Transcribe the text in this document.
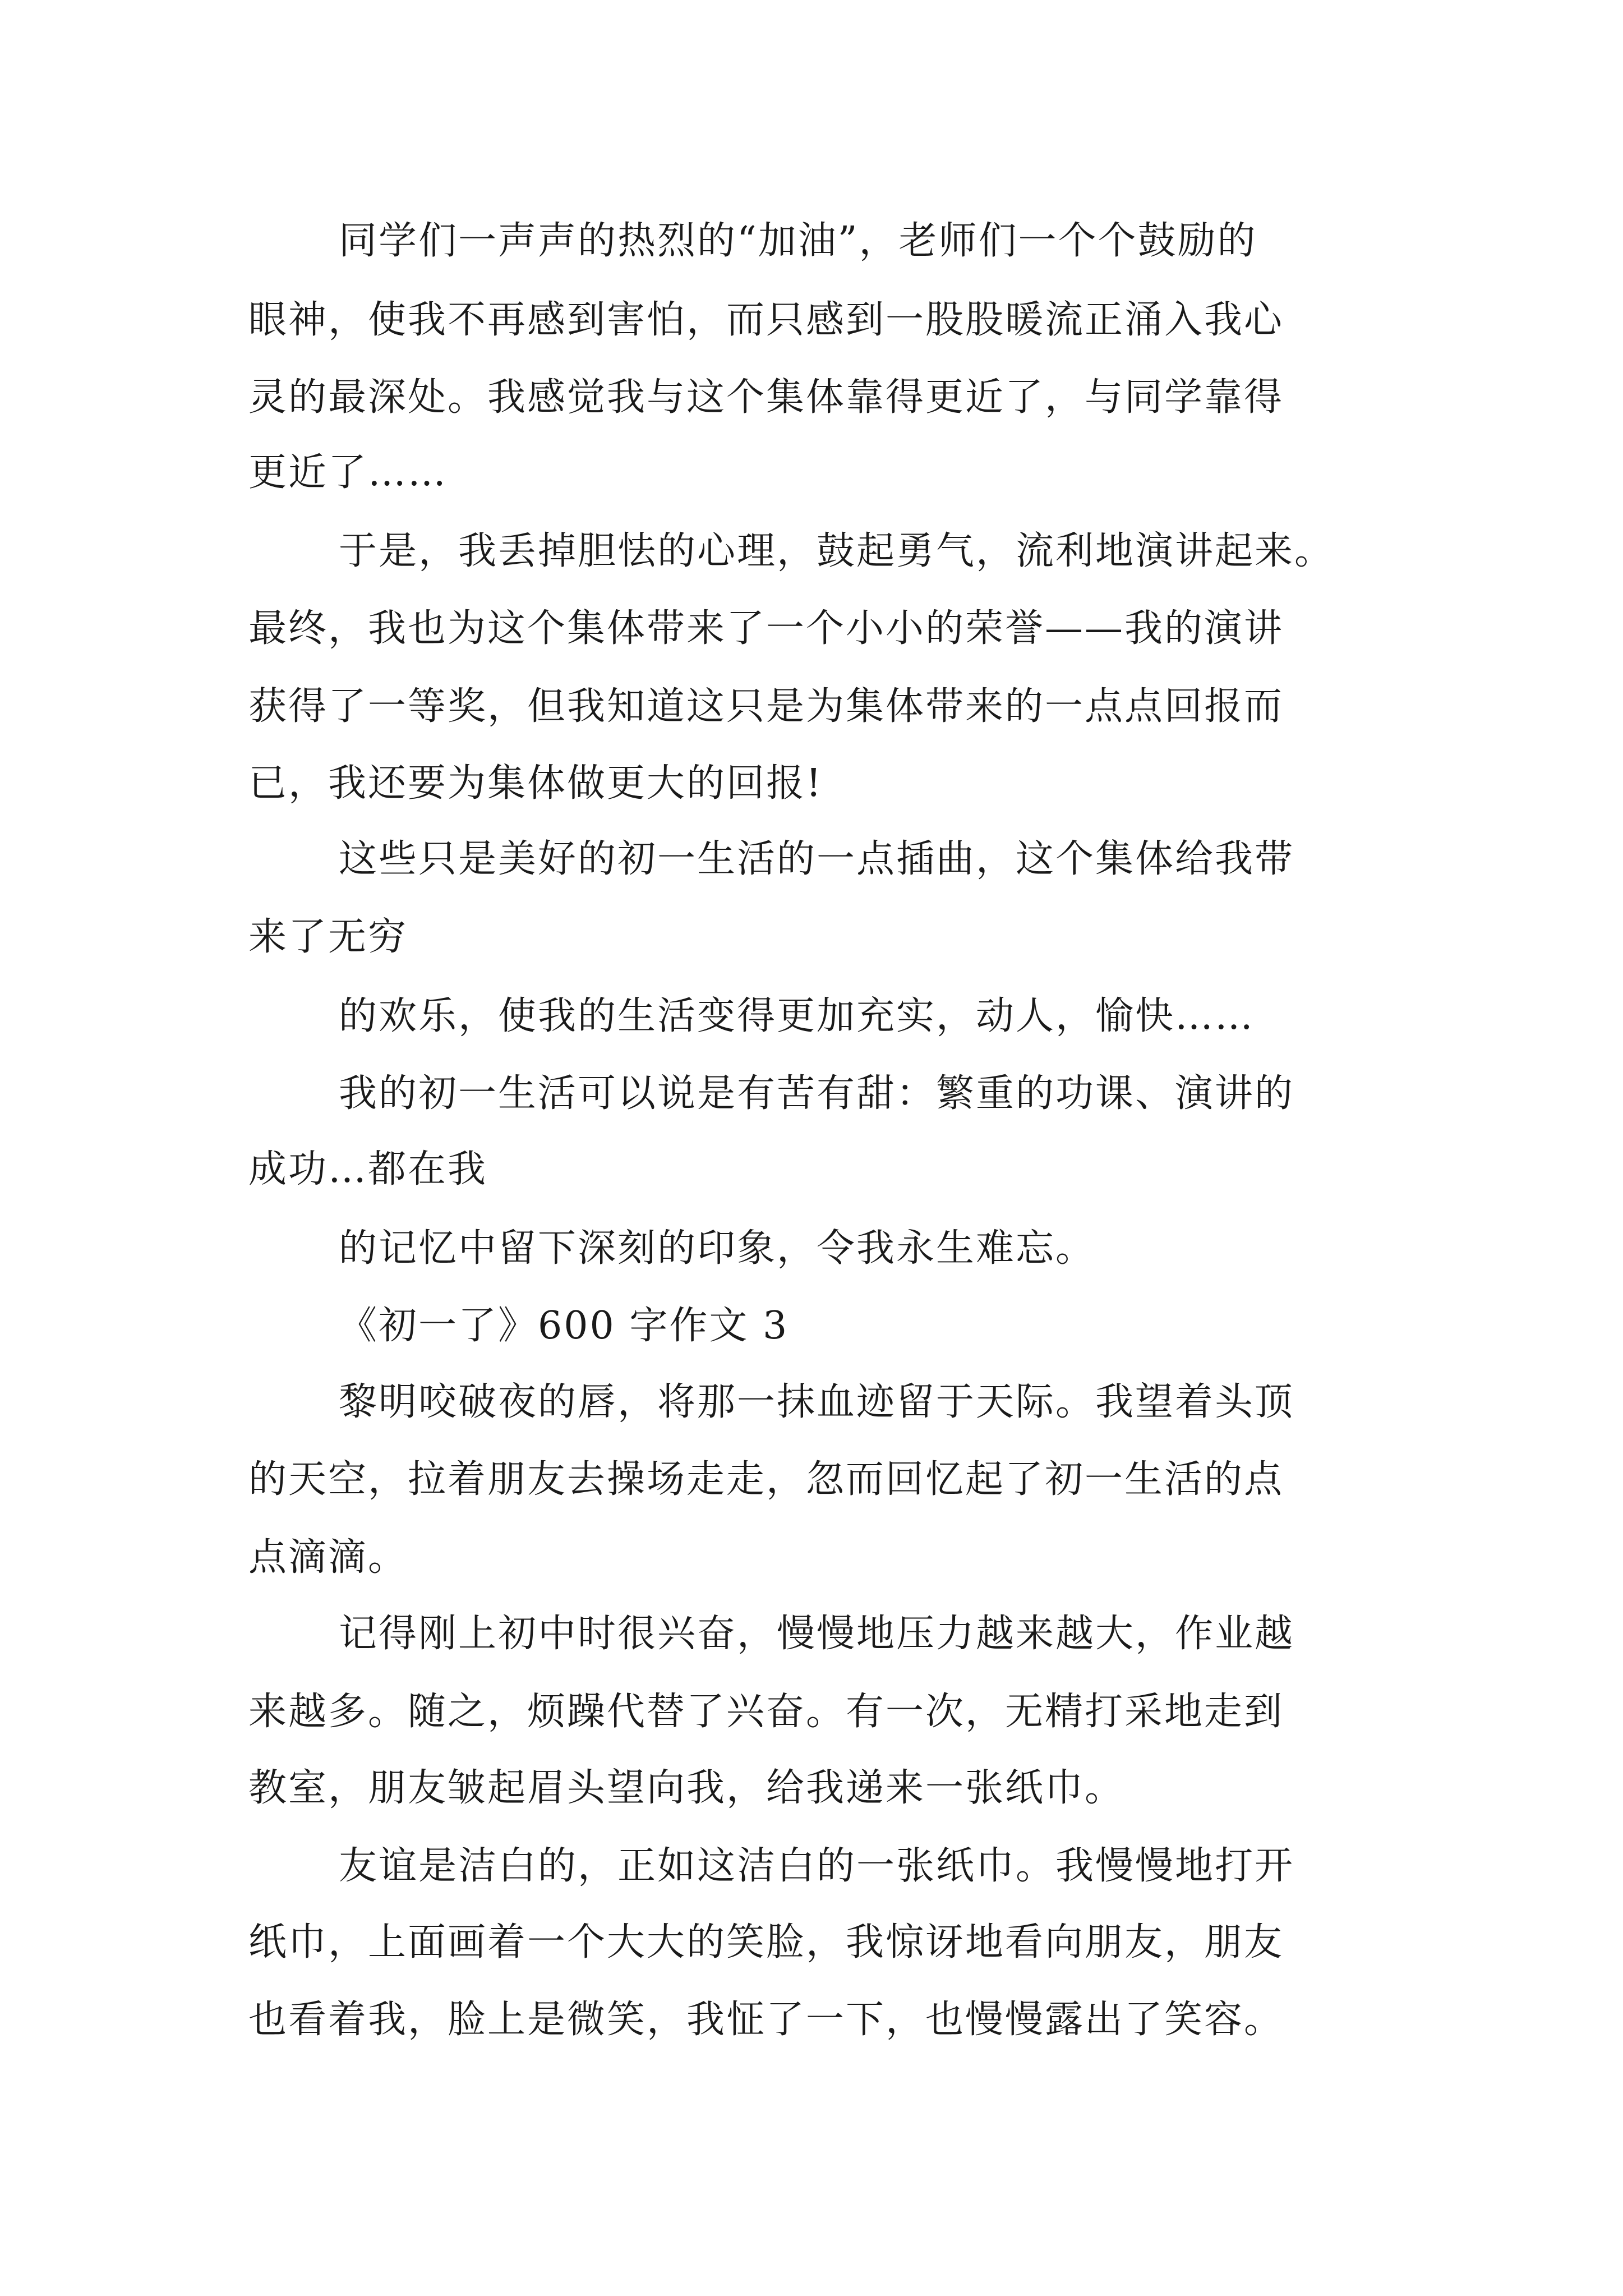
同学们一声声的热烈的“加油”，老师们一个个鼓励的

眼神，使我不再感到害怕，而只感到一股股暖流正涌入我心

灵的最深处。我感觉我与这个集体靠得更近了，与同学靠得

更近了……

于是，我丢掉胆怯的心理，鼓起勇气，流利地演讲起来。

最终，我也为这个集体带来了一个小小的荣誉——我的演讲

获得了一等奖，但我知道这只是为集体带来的一点点回报而

已，我还要为集体做更大的回报!

这些只是美好的初一生活的一点插曲，这个集体给我带

来了无穷

的欢乐，使我的生活变得更加充实，动人，愉快……

我的初一生活可以说是有苦有甜：繁重的功课、演讲的

成功…都在我

的记忆中留下深刻的印象，令我永生难忘。

《初一了》600 字作文 3

黎明咬破夜的唇，将那一抹血迹留于天际。我望着头顶

的天空，拉着朋友去操场走走，忽而回忆起了初一生活的点

点滴滴。

记得刚上初中时很兴奋，慢慢地压力越来越大，作业越

来越多。随之，烦躁代替了兴奋。有一次，无精打采地走到

教室，朋友皱起眉头望向我，给我递来一张纸巾。

友谊是洁白的，正如这洁白的一张纸巾。我慢慢地打开

纸巾，上面画着一个大大的笑脸，我惊讶地看向朋友，朋友

也看着我，脸上是微笑，我怔了一下，也慢慢露出了笑容。
